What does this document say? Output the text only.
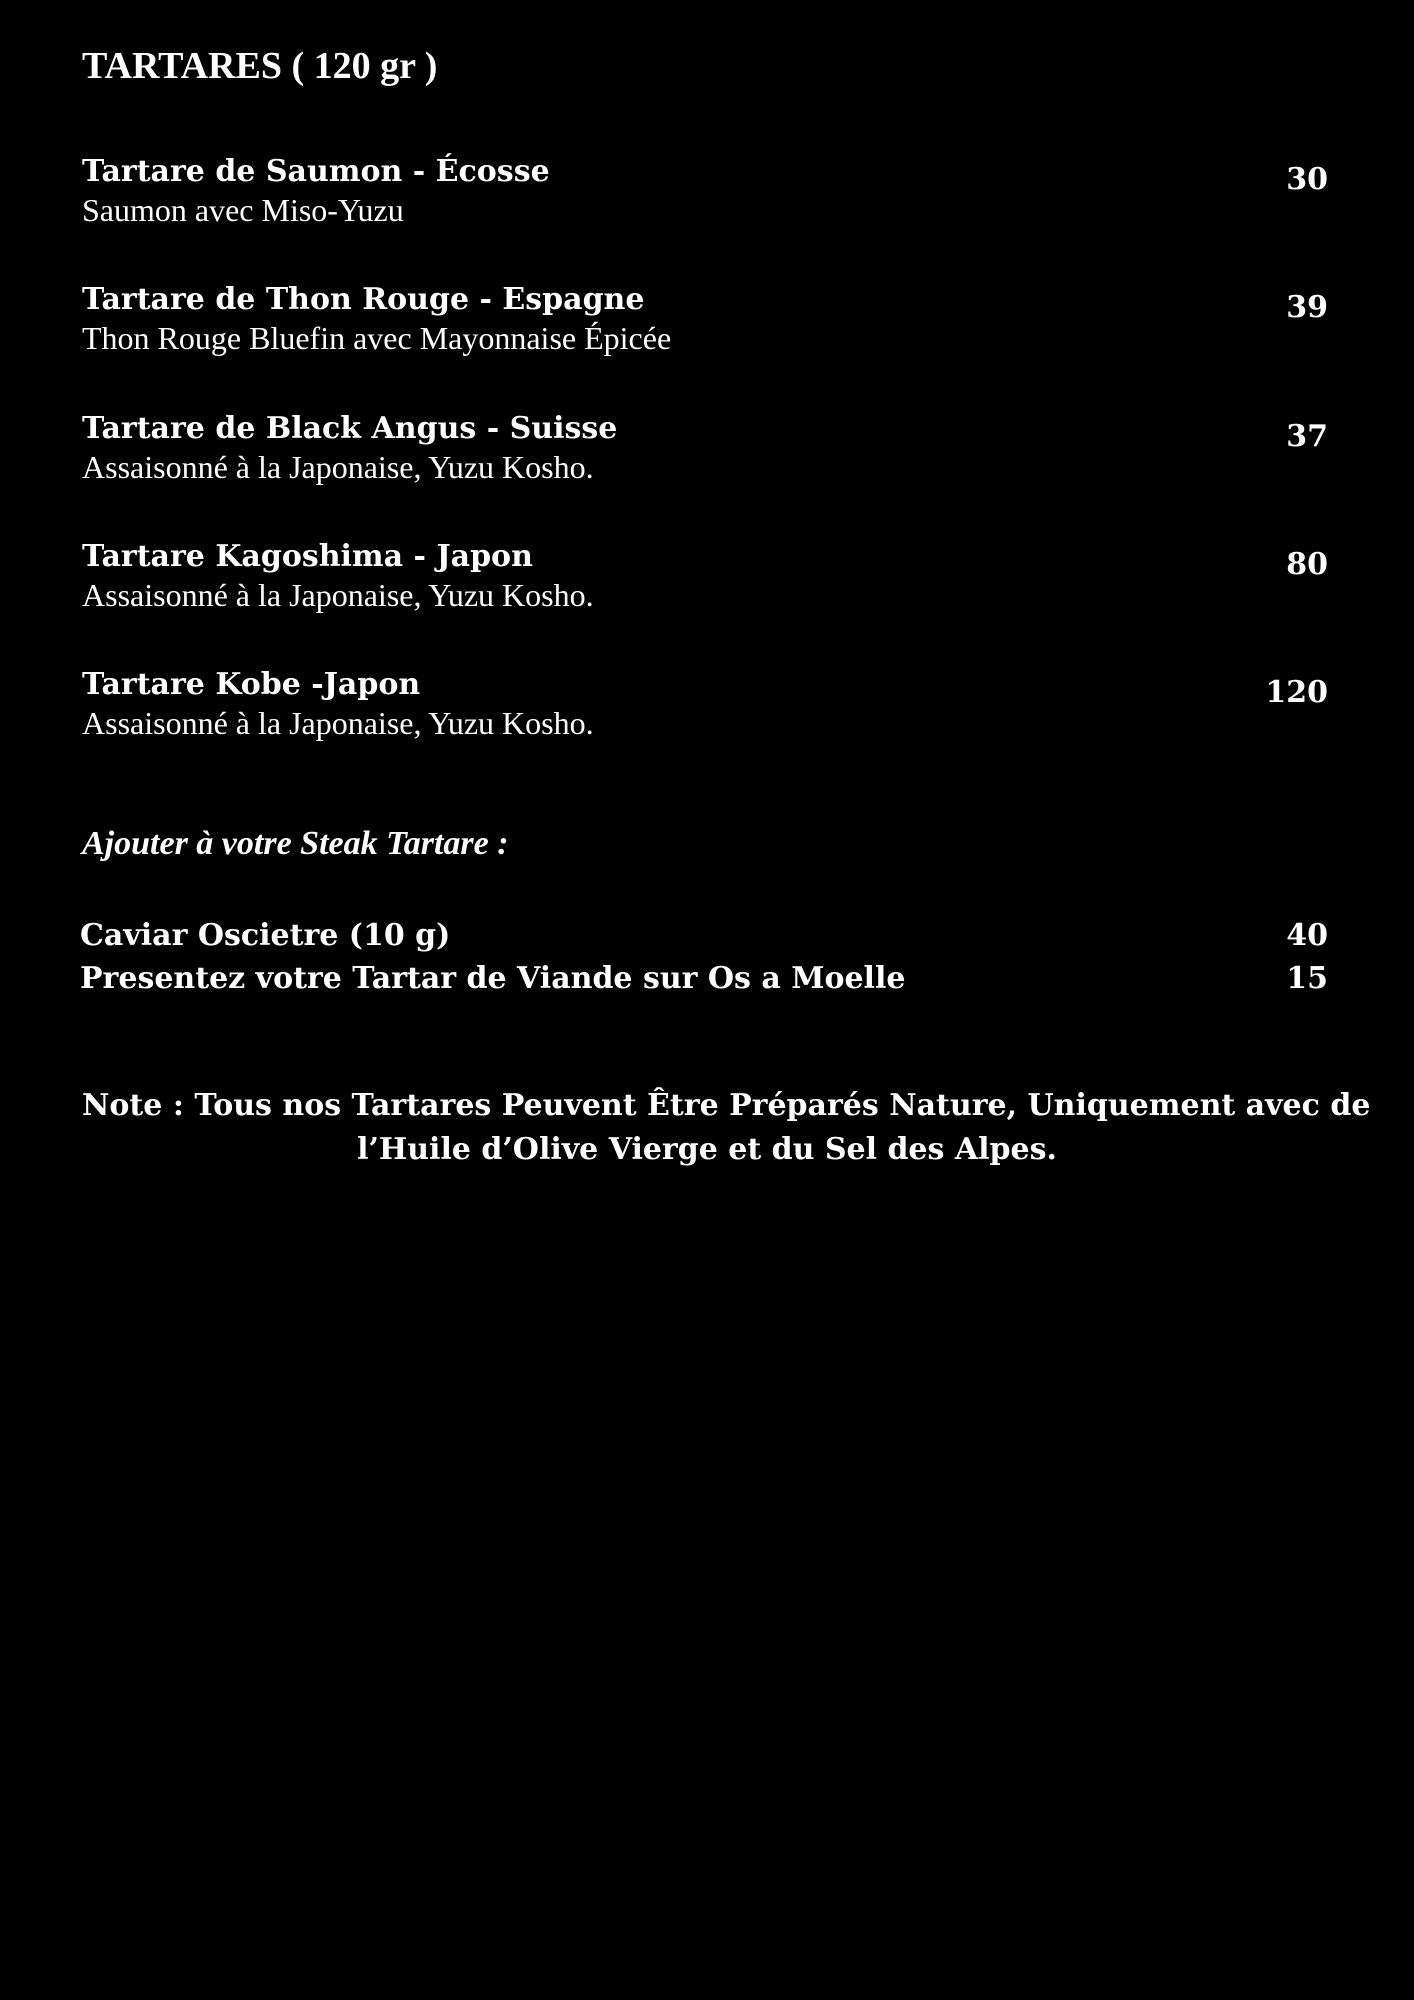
TARTARES ( 120 gr )
Tartare de Saumon - Écosse
Saumon avec Miso-Yuzu
30
Tartare de Thon Rouge - Espagne
Thon Rouge Bluefin avec Mayonnaise Épicée
39
Tartare de Black Angus - Suisse
Assaisonné à la Japonaise, Yuzu Kosho.
37
Tartare Kagoshima - Japon
Assaisonné à la Japonaise, Yuzu Kosho.
80
Tartare Kobe -Japon
Assaisonné à la Japonaise, Yuzu Kosho.
120
Ajouter à votre Steak Tartare :
Caviar Oscietre (10 g)	40
Presentez votre Tartar de Viande sur Os a Moelle	15
Note : Tous nos Tartares Peuvent Être Préparés Nature, Uniquement avec de
l’Huile d’Olive Vierge et du Sel des Alpes.
